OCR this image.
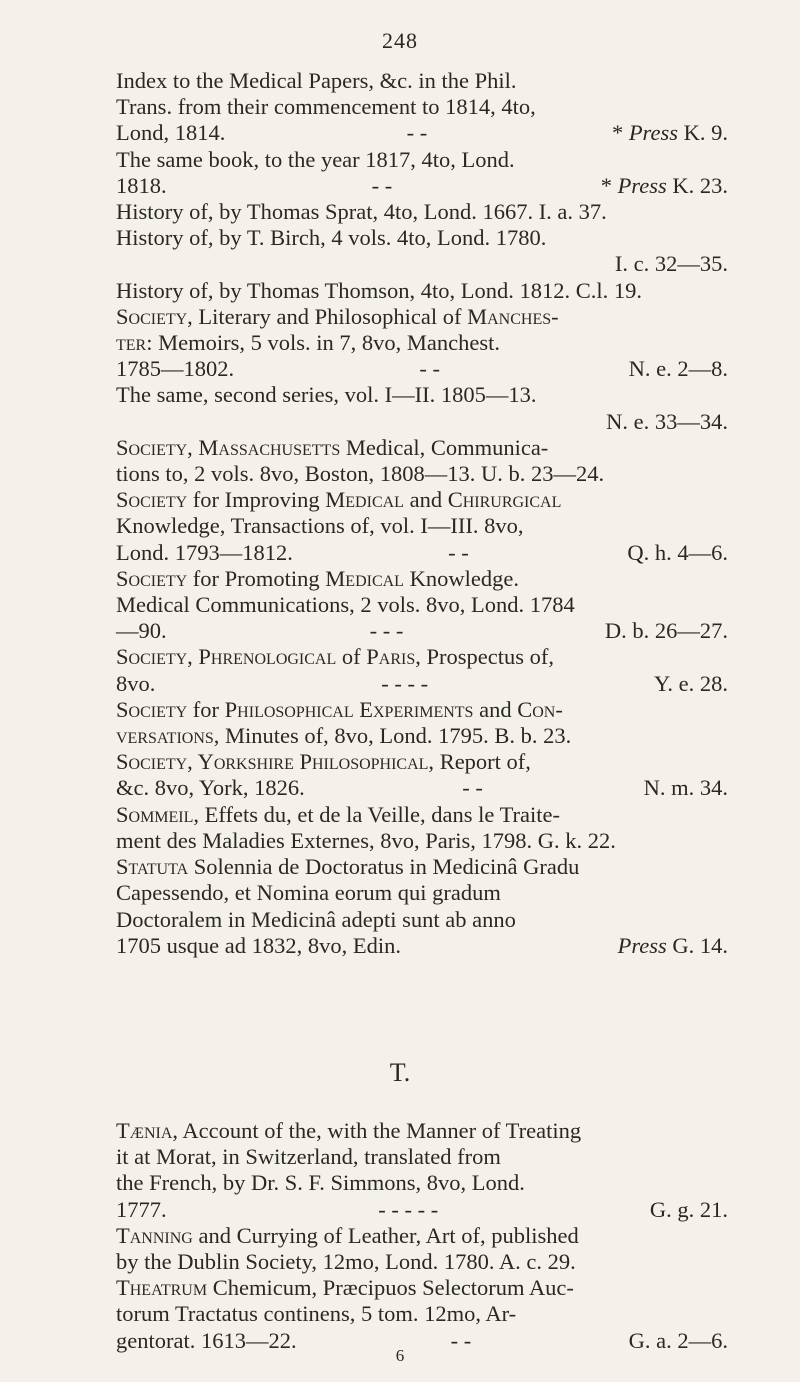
248
Index to the Medical Papers, &c. in the Phil.
Trans. from their commencement to 1814, 4to,
Lond, 1814.	- -	* Press K. 9.
The same book, to the year 1817, 4to, Lond.
1818.	- -	* Press K. 23.
History of, by Thomas Sprat, 4to, Lond. 1667. I. a. 37.
History of, by T. Birch, 4 vols. 4to, Lond. 1780.
I. c. 32—35.
History of, by Thomas Thomson, 4to, Lond. 1812. C.l. 19.
Society, Literary and Philosophical of Manches-
ter: Memoirs, 5 vols. in 7, 8vo, Manchest.
1785—1802.	- -	N. e. 2—8.
The same, second series, vol. I—II. 1805—13.
N. e. 33—34.
Society, Massachusetts Medical, Communica-
tions to, 2 vols. 8vo, Boston, 1808—13. U. b. 23—24.
Society for Improving Medical and Chirurgical
Knowledge, Transactions of, vol. I—III. 8vo,
Lond. 1793—1812.	- -	Q. h. 4—6.
Society for Promoting Medical Knowledge.
Medical Communications, 2 vols. 8vo, Lond. 1784
—90.	- - -	D. b. 26—27.
Society, Phrenological of Paris, Prospectus of,
8vo.	- - - -	Y. e. 28.
Society for Philosophical Experiments and Con-
versations, Minutes of, 8vo, Lond. 1795. B. b. 23.
Society, Yorkshire Philosophical, Report of,
&c. 8vo, York, 1826.	- -	N. m. 34.
Sommeil, Effets du, et de la Veille, dans le Traite-
ment des Maladies Externes, 8vo, Paris, 1798. G. k. 22.
Statuta Solennia de Doctoratus in Medicinâ Gradu
Capessendo, et Nomina eorum qui gradum
Doctoralem in Medicinâ adepti sunt ab anno
1705 usque ad 1832, 8vo, Edin.	Press G. 14.
T.
Tænia, Account of the, with the Manner of Treating
it at Morat, in Switzerland, translated from
the French, by Dr. S. F. Simmons, 8vo, Lond.
1777.	- - - - -	G. g. 21.
Tanning and Currying of Leather, Art of, published
by the Dublin Society, 12mo, Lond. 1780. A. c. 29.
Theatrum Chemicum, Præcipuos Selectorum Auc-
torum Tractatus continens, 5 tom. 12mo, Ar-
gentorat. 1613—22.	- -	G. a. 2—6.
6
